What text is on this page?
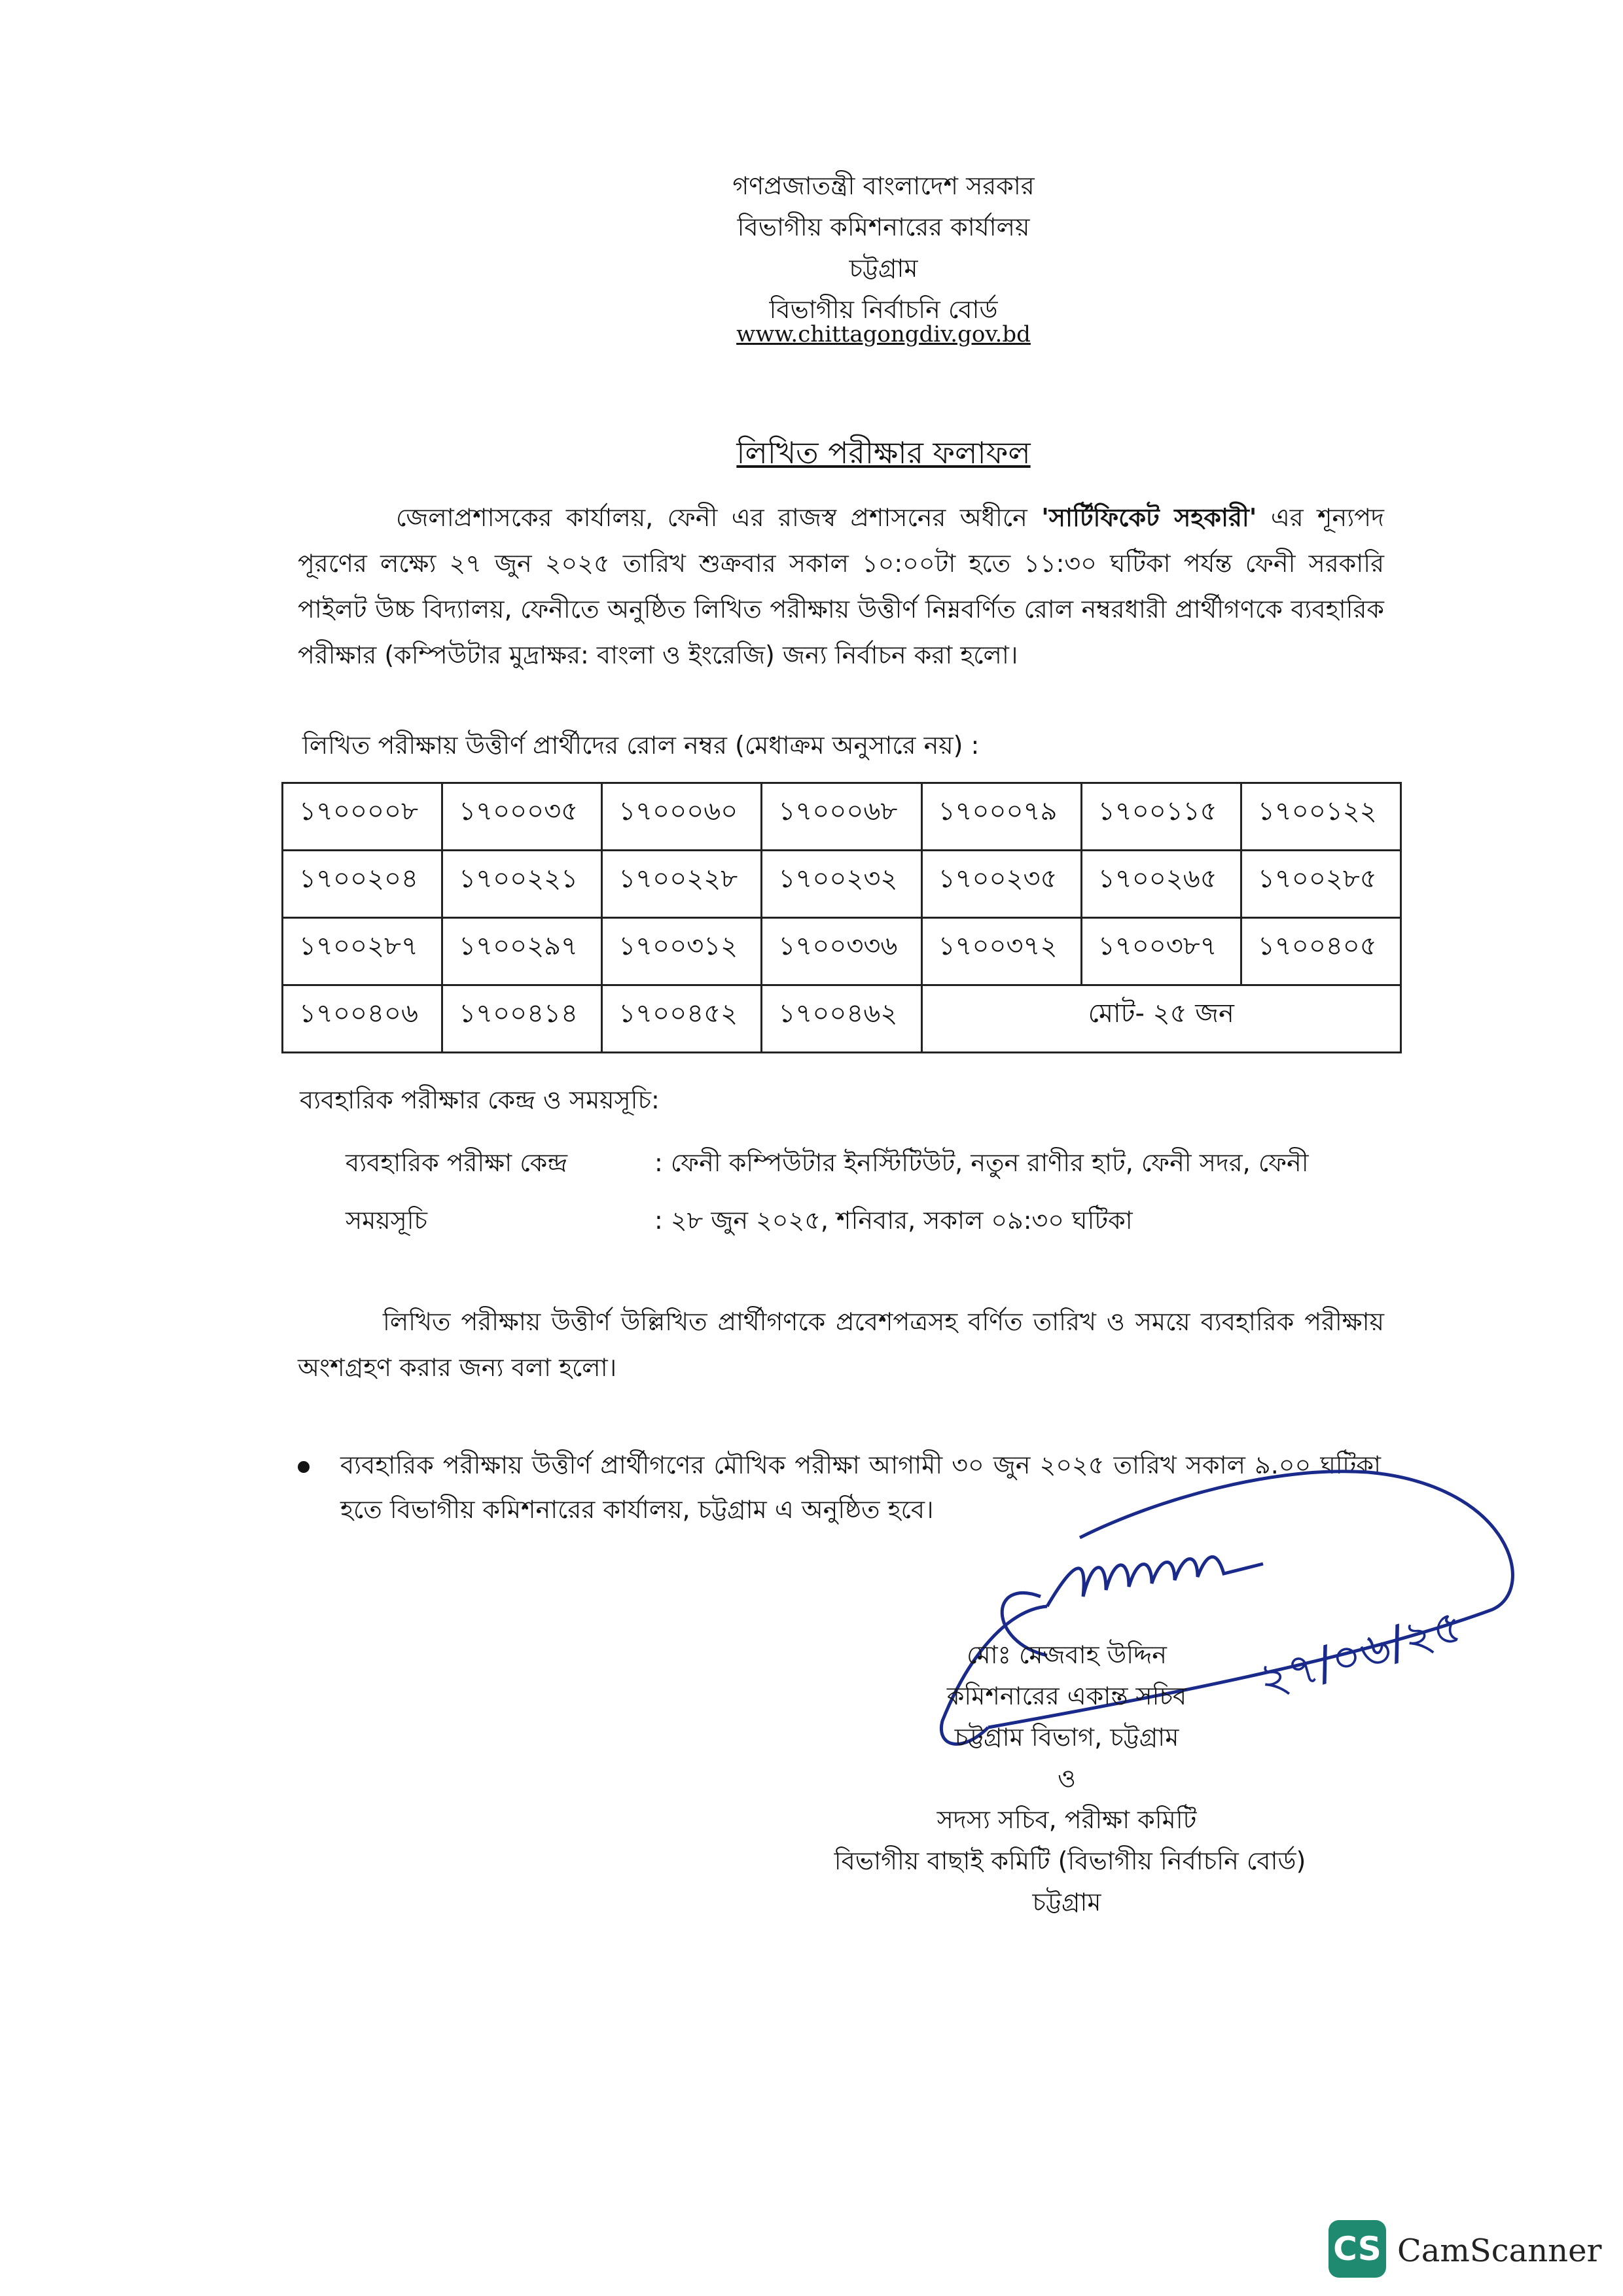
গণপ্রজাতন্ত্রী বাংলাদেশ সরকার
বিভাগীয় কমিশনারের কার্যালয়
চট্টগ্রাম
বিভাগীয় নির্বাচনি বোর্ড
www.chittagongdiv.gov.bd
লিখিত পরীক্ষার ফলাফল
জেলাপ্রশাসকের কার্যালয়, ফেনী এর রাজস্ব প্রশাসনের অধীনে 'সার্টিফিকেট সহকারী' এর শূন্যপদ পূরণের লক্ষ্যে ২৭ জুন ২০২৫ তারিখ শুক্রবার সকাল ১০:০০টা হতে ১১:৩০ ঘটিকা পর্যন্ত ফেনী সরকারি পাইলট উচ্চ বিদ্যালয়, ফেনীতে অনুষ্ঠিত লিখিত পরীক্ষায় উত্তীর্ণ নিম্নবর্ণিত রোল নম্বরধারী প্রার্থীগণকে ব্যবহারিক পরীক্ষার (কম্পিউটার মুদ্রাক্ষর: বাংলা ও ইংরেজি) জন্য নির্বাচন করা হলো।
লিখিত পরীক্ষায় উত্তীর্ণ প্রার্থীদের রোল নম্বর (মেধাক্রম অনুসারে নয়) :
১৭০০০০৮	১৭০০০৩৫	১৭০০০৬০	১৭০০০৬৮	১৭০০০৭৯	১৭০০১১৫	১৭০০১২২
১৭০০২০৪	১৭০০২২১	১৭০০২২৮	১৭০০২৩২	১৭০০২৩৫	১৭০০২৬৫	১৭০০২৮৫
১৭০০২৮৭	১৭০০২৯৭	১৭০০৩১২	১৭০০৩৩৬	১৭০০৩৭২	১৭০০৩৮৭	১৭০০৪০৫
১৭০০৪০৬	১৭০০৪১৪	১৭০০৪৫২	১৭০০৪৬২	মোট- ২৫ জন		
ব্যবহারিক পরীক্ষার কেন্দ্র ও সময়সূচি:
ব্যবহারিক পরীক্ষা কেন্দ্র	: ফেনী কম্পিউটার ইনস্টিটিউট, নতুন রাণীর হাট, ফেনী সদর, ফেনী
সময়সূচি	: ২৮ জুন ২০২৫, শনিবার, সকাল ০৯:৩০ ঘটিকা
লিখিত পরীক্ষায় উত্তীর্ণ উল্লিখিত প্রার্থীগণকে প্রবেশপত্রসহ বর্ণিত তারিখ ও সময়ে ব্যবহারিক পরীক্ষায় অংশগ্রহণ করার জন্য বলা হলো।
ব্যবহারিক পরীক্ষায় উত্তীর্ণ প্রার্থীগণের মৌখিক পরীক্ষা আগামী ৩০ জুন ২০২৫ তারিখ সকাল ৯.০০ ঘটিকা হতে বিভাগীয় কমিশনারের কার্যালয়, চট্টগ্রাম এ অনুষ্ঠিত হবে।
২৭/০৬/২৫
মোঃ মেজবাহ উদ্দিন
কমিশনারের একান্ত সচিব
চট্টগ্রাম বিভাগ, চট্টগ্রাম
ও
সদস্য সচিব, পরীক্ষা কমিটি
বিভাগীয় বাছাই কমিটি (বিভাগীয় নির্বাচনি বোর্ড)
চট্টগ্রাম
CS CamScanner
